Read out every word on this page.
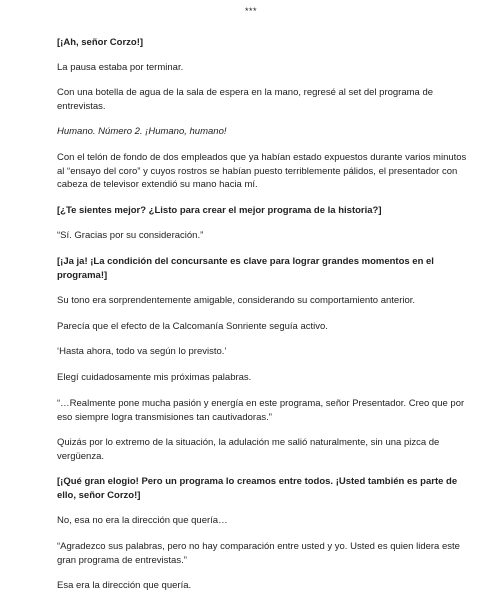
***

[¡Ah, señor Corzo!]

La pausa estaba por terminar.

Con una botella de agua de la sala de espera en la mano, regresé al set del programa de entrevistas.

Humano. Número 2. ¡Humano, humano!

Con el telón de fondo de dos empleados que ya habían estado expuestos durante varios minutos al “ensayo del coro” y cuyos rostros se habían puesto terriblemente pálidos, el presentador con cabeza de televisor extendió su mano hacia mí.

[¿Te sientes mejor? ¿Listo para crear el mejor programa de la historia?]

“Sí. Gracias por su consideración.”

[¡Ja ja! ¡La condición del concursante es clave para lograr grandes momentos en el programa!]

Su tono era sorprendentemente amigable, considerando su comportamiento anterior.

Parecía que el efecto de la Calcomanía Sonriente seguía activo.

‘Hasta ahora, todo va según lo previsto.’

Elegí cuidadosamente mis próximas palabras.

“…Realmente pone mucha pasión y energía en este programa, señor Presentador. Creo que por eso siempre logra transmisiones tan cautivadoras.”

Quizás por lo extremo de la situación, la adulación me salió naturalmente, sin una pizca de vergüenza.

[¡Qué gran elogio! Pero un programa lo creamos entre todos. ¡Usted también es parte de ello, señor Corzo!]

No, esa no era la dirección que quería…

“Agradezco sus palabras, pero no hay comparación entre usted y yo. Usted es quien lidera este gran programa de entrevistas.”

Esa era la dirección que quería.
